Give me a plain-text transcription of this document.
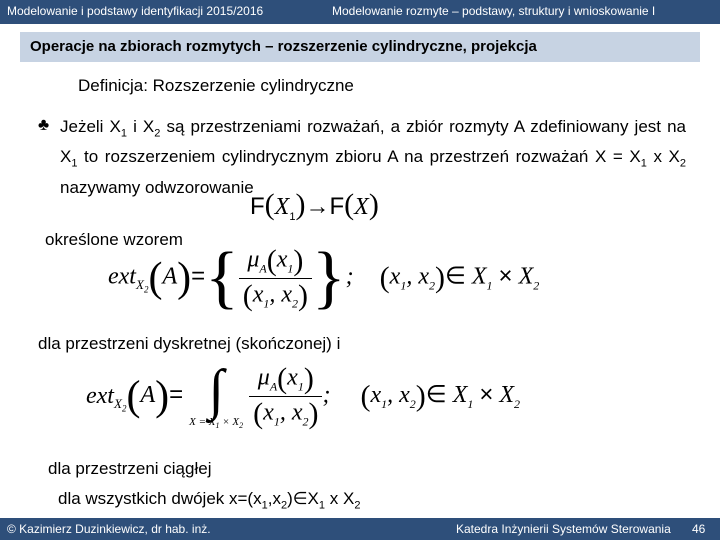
Modelowanie i podstawy identyfikacji 2015/2016	Modelowanie rozmyte – podstawy, struktury i wnioskowanie I
Operacje na zbiorach rozmytych – rozszerzenie cylindryczne, projekcja
Definicja: Rozszerzenie cylindryczne
♣ Jeżeli $X_1$ i $X_2$ są przestrzeniami rozważań, a zbiór rozmyty A zdefiniowany jest na $X_1$ to rozszerzeniem cylindrycznym zbioru A na przestrzeń rozważań $X = X_1$ x $X_2$ nazywamy odwzorowanie
$F(X_1)\to F(X)$
określone wzorem
$ext_{X_2}(A)=\{ \frac{\mu_A(x_1)}{(x_1, x_2)}$ }; ($x_1$, $x_2)\in$ $X_1 \times X_2$
dla przestrzeni dyskretnej (skończonej) i
ext$_{X_2}$(A)= ∫
$X = X_1 \times X_2$
$\frac{\mu_A(x_1)}{(x_1, x_2)}$ ; ($x_1$, $x_2)\in$ $X_1 \times X_2$
dla przestrzeni ciągłej
dla wszystkich dwójek $x=(x_1,x_2)\in X_1$ x $X_2$
© Kazimierz Duzinkiewicz, dr hab. inż.	Katedra Inżynierii Systemów Sterowania 46
